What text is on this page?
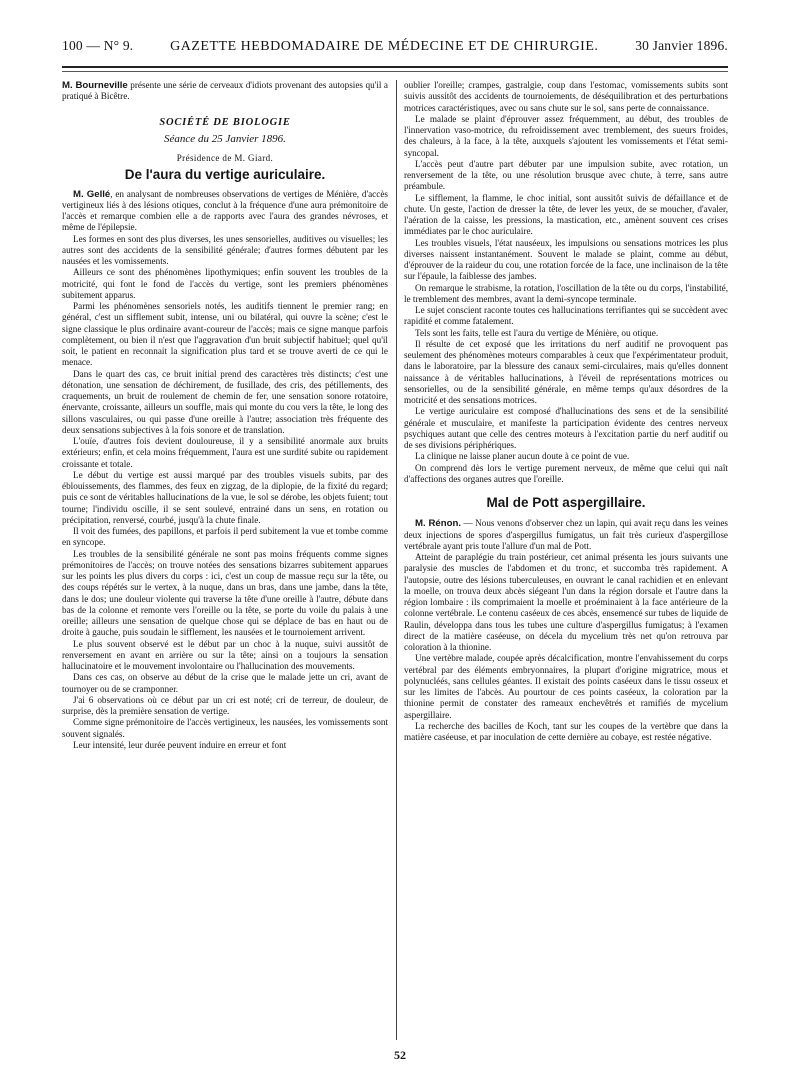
100 — N° 9.	GAZETTE HEBDOMADAIRE DE MÉDECINE ET DE CHIRURGIE.	30 Janvier 1896.

M. Bourneville présente une série de cerveaux d'idiots provenant des autopsies qu'il a pratiqué à Bicêtre.

SOCIÉTÉ DE BIOLOGIE
Séance du 25 Janvier 1896.
Présidence de M. Giard.
De l'aura du vertige auriculaire.

M. Gellé, en analysant de nombreuses observations de vertiges de Ménière, d'accès vertigineux liés à des lésions otiques, conclut à la fréquence d'une aura prémonitoire de l'accès et remarque combien elle a de rapports avec l'aura des grandes névroses, et même de l'épilepsie.

Les formes en sont des plus diverses, les unes sensorielles, auditives ou visuelles; les autres sont des accidents de la sensibilité générale; d'autres formes débutent par les nausées et les vomissements.

Ailleurs ce sont des phénomènes lipothymiques; enfin souvent les troubles de la motricité, qui font le fond de l'accès du vertige, sont les premiers phénomènes subitement apparus.

Parmi les phénomènes sensoriels notés, les auditifs tiennent le premier rang; en général, c'est un sifflement subit, intense, uni ou bilatéral, qui ouvre la scène; c'est le signe classique le plus ordinaire avant-coureur de l'accès; mais ce signe manque parfois complètement, ou bien il n'est que l'aggravation d'un bruit subjectif habituel; quel qu'il soit, le patient en reconnait la signification plus tard et se trouve averti de ce qui le menace.

Dans le quart des cas, ce bruit initial prend des caractères très distincts; c'est une détonation, une sensation de déchirement, de fusillade, des cris, des pétillements, des craquements, un bruit de roulement de chemin de fer, une sensation sonore rotatoire, énervante, croissante, ailleurs un souffle, mais qui monte du cou vers la tête, le long des sillons vasculaires, ou qui passe d'une oreille à l'autre; association très fréquente des deux sensations subjectives à la fois sonore et de translation.

L'ouïe, d'autres fois devient douloureuse, il y a sensibilité anormale aux bruits extérieurs; enfin, et cela moins fréquemment, l'aura est une surdité subite ou rapidement croissante et totale.

Le début du vertige est aussi marqué par des troubles visuels subits, par des éblouissements, des flammes, des feux en zigzag, de la diplopie, de la fixité du regard; puis ce sont de véritables hallucinations de la vue, le sol se dérobe, les objets fuient; tout tourne; l'individu oscille, il se sent soulevé, entrainé dans un sens, en rotation ou précipitation, renversé, courbé, jusqu'à la chute finale.

Il voit des fumées, des papillons, et parfois il perd subitement la vue et tombe comme en syncope.

Les troubles de la sensibilité générale ne sont pas moins fréquents comme signes prémonitoires de l'accès; on trouve notées des sensations bizarres subitement apparues sur les points les plus divers du corps : ici, c'est un coup de massue reçu sur la tête, ou des coups répétés sur le vertex, à la nuque, dans un bras, dans une jambe, dans la tête, dans le dos; une douleur violente qui traverse la tête d'une oreille à l'autre, débute dans bas de la colonne et remonte vers l'oreille ou la tête, se porte du voile du palais à une oreille; ailleurs une sensation de quelque chose qui se déplace de bas en haut ou de droite à gauche, puis soudain le sifflement, les nausées et le tournoiement arrivent.

Le plus souvent observé est le début par un choc à la nuque, suivi aussitôt de renversement en avant en arrière ou sur la tête; ainsi on a toujours la sensation hallucinatoire et le mouvement involontaire ou l'hallucination des mouvements.

Dans ces cas, on observe au début de la crise que le malade jette un cri, avant de tournoyer ou de se cramponner.

J'ai 6 observations où ce début par un cri est noté; cri de terreur, de douleur, de surprise, dès la première sensation de vertige.

Comme signe prémonitoire de l'accès vertigineux, les nausées, les vomissements sont souvent signalés.

Leur intensité, leur durée peuvent induire en erreur et font

oublier l'oreille; crampes, gastralgie, coup dans l'estomac, vomissements subits sont suivis aussitôt des accidents de tournoiements, de déséquilibration et des perturbations motrices caractéristiques, avec ou sans chute sur le sol, sans perte de connaissance.

Le malade se plaint d'éprouver assez fréquemment, au début, des troubles de l'innervation vaso-motrice, du refroidissement avec tremblement, des sueurs froides, des chaleurs, à la face, à la tête, auxquels s'ajoutent les vomissements et l'état semi-syncopal.

L'accès peut d'autre part débuter par une impulsion subite, avec rotation, un renversement de la tête, ou une résolution brusque avec chute, à terre, sans autre préambule.

Le sifflement, la flamme, le choc initial, sont aussitôt suivis de défaillance et de chute. Un geste, l'action de dresser la tête, de lever les yeux, de se moucher, d'avaler, l'aération de la caisse, les pressions, la mastication, etc., amènent souvent ces crises immédiates par le choc auriculaire.

Les troubles visuels, l'état nauséeux, les impulsions ou sensations motrices les plus diverses naissent instantanément. Souvent le malade se plaint, comme au début, d'éprouver de la raideur du cou, une rotation forcée de la face, une inclinaison de la tête sur l'épaule, la faiblesse des jambes.

On remarque le strabisme, la rotation, l'oscillation de la tête ou du corps, l'instabilité, le tremblement des membres, avant la demi-syncope terminale.

Le sujet conscient raconte toutes ces hallucinations terrifiantes qui se succèdent avec rapidité et comme fatalement.

Tels sont les faits, telle est l'aura du vertige de Ménière, ou otique.

Il résulte de cet exposé que les irritations du nerf auditif ne provoquent pas seulement des phénomènes moteurs comparables à ceux que l'expérimentateur produit, dans le laboratoire, par la blessure des canaux semi-circulaires, mais qu'elles donnent naissance à de véritables hallucinations, à l'éveil de représentations motrices ou sensorielles, ou de la sensibilité générale, en même temps qu'aux désordres de la motricité et des sensations motrices.

Le vertige auriculaire est composé d'hallucinations des sens et de la sensibilité générale et musculaire, et manifeste la participation évidente des centres nerveux psychiques autant que celle des centres moteurs à l'excitation partie du nerf auditif ou de ses divisions périphériques.

La clinique ne laisse planer aucun doute à ce point de vue.

On comprend dès lors le vertige purement nerveux, de même que celui qui naît d'affections des organes autres que l'oreille.

Mal de Pott aspergillaire.

M. Rénon. — Nous venons d'observer chez un lapin, qui avait reçu dans les veines deux injections de spores d'aspergillus fumigatus, un fait très curieux d'aspergillose vertébrale ayant pris toute l'allure d'un mal de Pott.

Atteint de paraplégie du train postérieur, cet animal présenta les jours suivants une paralysie des muscles de l'abdomen et du tronc, et succomba très rapidement. A l'autopsie, outre des lésions tuberculeuses, en ouvrant le canal rachidien et en enlevant la moelle, on trouva deux abcès siégeant l'un dans la région dorsale et l'autre dans la région lombaire : ils comprimaient la moelle et proéminaient à la face antérieure de la colonne vertébrale. Le contenu caséeux de ces abcès, ensemencé sur tubes de liquide de Raulin, développa dans tous les tubes une culture d'aspergillus fumigatus; à l'examen direct de la matière caséeuse, on décela du mycelium très net qu'on retrouva par coloration à la thionine.

Une vertèbre malade, coupée après décalcification, montre l'envahissement du corps vertébral par des éléments embryonnaires, la plupart d'origine migratrice, mous et polynucléés, sans cellules géantes. Il existait des points caséeux dans le tissu osseux et sur les limites de l'abcès. Au pourtour de ces points caséeux, la coloration par la thionine permit de constater des rameaux enchevêtrés et ramifiés de mycelium aspergillaire.

La recherche des bacilles de Koch, tant sur les coupes de la vertèbre que dans la matière caséeuse, et par inoculation de cette dernière au cobaye, est restée négative.

52
